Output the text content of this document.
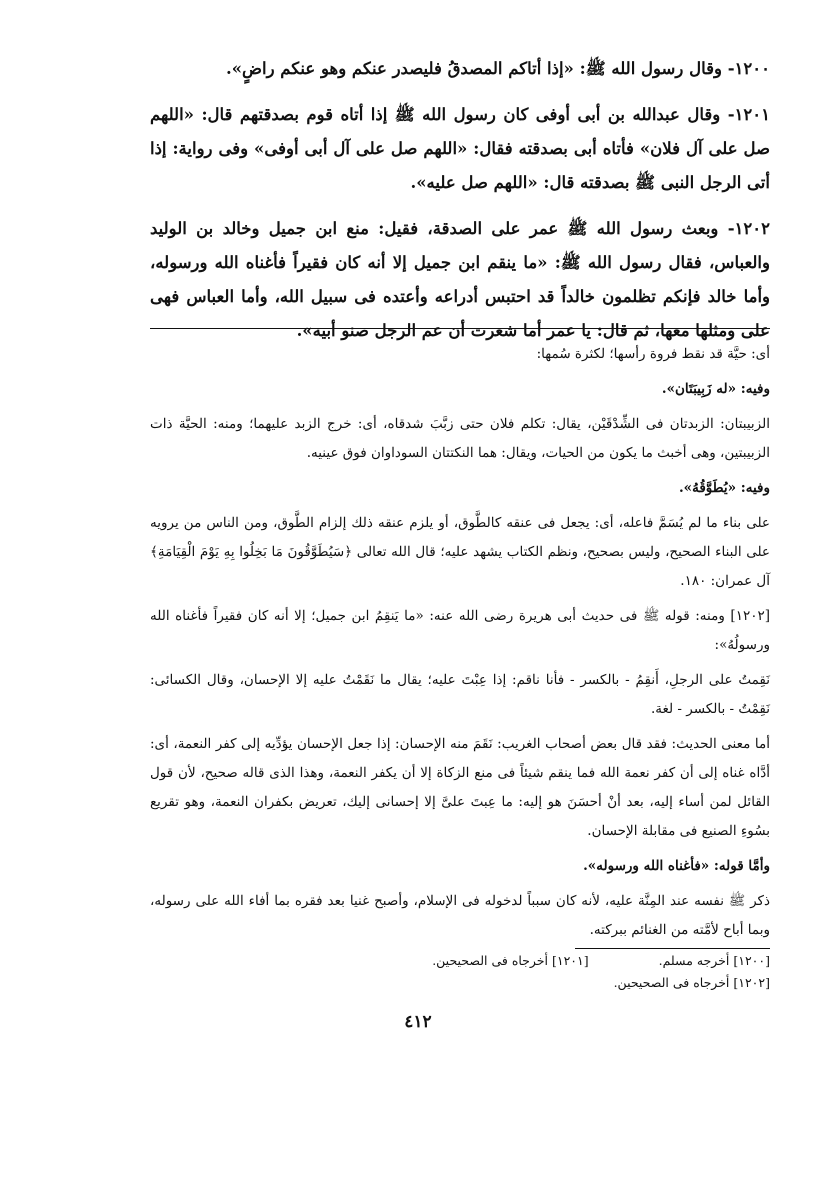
١٢٠٠- وقال رسول الله ﷺ: «إذا أتاكم المصدقُ فليصدر عنكم وهو عنكم راضٍ».

١٢٠١- وقال عبدالله بن أبى أوفى كان رسول الله ﷺ إذا أتاه قوم بصدقتهم قال: «اللهم صل على آل فلان» فأتاه أبى بصدقته فقال: «اللهم صل على آل أبى أوفى» وفى رواية: إذا أتى الرجل النبى ﷺ بصدقته قال: «اللهم صل عليه».

١٢٠٢- وبعث رسول الله ﷺ عمر على الصدقة، فقيل: منع ابن جميل وخالد بن الوليد والعباس، فقال رسول الله ﷺ: «ما ينقم ابن جميل إلا أنه كان فقيراً فأغناه الله ورسوله، وأما خالد فإنكم تظلمون خالداً قد احتبس أدراعه وأعتده فى سبيل الله، وأما العباس فهى على ومثلها معها، ثم قال: يا عمر أما شعرت أن عم الرجل صنو أبيه».

أى: حيَّة قد نقط فروة رأسها؛ لكثرة سُمها:

وفيه: «له زَبِيبَتَان».

الزبيبتان: الزبدتان فى الشِّدْقَيْن، يقال: تكلم فلان حتى زبَّبَ شدقاه، أى: خرج الزبد عليهما؛ ومنه: الحيَّة ذات الزبيبتين، وهى أخبث ما يكون من الحيات، ويقال: هما النكتتان السوداوان فوق عينيه.

وفيه: «يُطَوَّقُهُ».

على بناء ما لم يُسَمَّ فاعله، أى: يجعل فى عنقه كالطَّوق، أو يلزم عنقه ذلك إلزام الطَّوق، ومن الناس من يرويه على البناء الصحيح، وليس بصحيح، ونظم الكتاب يشهد عليه؛ قال الله تعالى ﴿سَيُطَوَّقُونَ مَا بَخِلُوا بِهِ يَوْمَ الْقِيَامَةِ﴾ آل عمران: ١٨٠.

[١٢٠٢] ومنه: قوله ﷺ فى حديث أبى هريرة رضى الله عنه: «ما يَنقِمُ ابن جميل؛ إلا أنه كان فقيراً فأغناه الله ورسولُهُ»:

نَقِمتُ على الرجلِ، أَنقِمُ - بالكسر - فأنا ناقم: إذا عِبْتَ عليه؛ يقال ما نَقَمْتُ عليه إلا الإحسان، وقال الكسائى: نَقِمْتُ - بالكسر - لغة.

أما معنى الحديث: فقد قال بعض أصحاب الغريب: نَقَمَ منه الإحسان: إذا جعل الإحسان يؤدِّيه إلى كفر النعمة، أى: أدَّاه غناه إلى أن كفر نعمة الله فما ينقم شيئاً فى منع الزكاة إلا أن يكفر النعمة، وهذا الذى قاله صحيح، لأن قول القائل لمن أساء إليه، بعد أنْ أحسَنَ هو إليه: ما عِبتَ علىَّ إلا إحسانى إليك، تعريض بكفران النعمة، وهو تقريع بسُوءِ الصنيع فى مقابلة الإحسان.

وأمَّا قوله: «فأغناه الله ورسوله».

ذكر ﷺ نفسه عند المِنَّة عليه، لأنه كان سبباً لدخوله فى الإسلام، وأصبح غنيا بعد فقره بما أفاء الله على رسوله، وبما أباح لأمَّته من الغنائم ببركته.

[١٢٠٠] أخرجه مسلم.
[١٢٠١] أخرجاه فى الصحيحين.
[١٢٠٢] أخرجاه فى الصحيحين.
٤١٢
